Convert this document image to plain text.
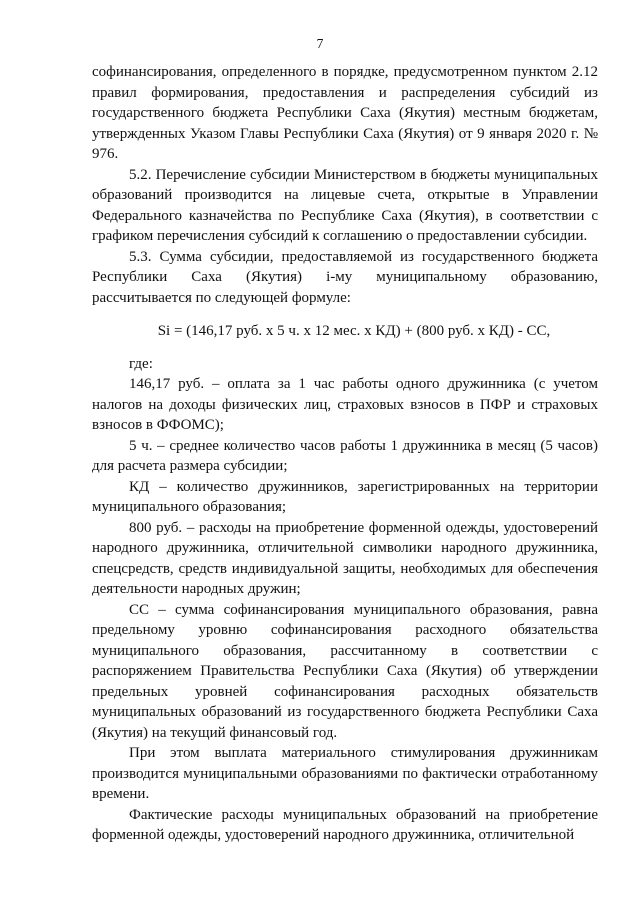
7

софинансирования, определенного в порядке, предусмотренном пунктом 2.12 правил формирования, предоставления и распределения субсидий из государственного бюджета Республики Саха (Якутия) местным бюджетам, утвержденных Указом Главы Республики Саха (Якутия) от 9 января 2020 г. № 976.

5.2. Перечисление субсидии Министерством в бюджеты муниципальных образований производится на лицевые счета, открытые в Управлении Федерального казначейства по Республике Саха (Якутия), в соответствии с графиком перечисления субсидий к соглашению о предоставлении субсидии.

5.3. Сумма субсидии, предоставляемой из государственного бюджета Республики Саха (Якутия) i-му муниципальному образованию, рассчитывается по следующей формуле:

Si = (146,17 руб. х 5 ч. х 12 мес. х КД) + (800 руб. х КД) - СС,

где:

146,17 руб. – оплата за 1 час работы одного дружинника (с учетом налогов на доходы физических лиц, страховых взносов в ПФР и страховых взносов в ФФОМС);

5 ч. – среднее количество часов работы 1 дружинника в месяц (5 часов) для расчета размера субсидии;

КД – количество дружинников, зарегистрированных на территории муниципального образования;

800 руб. – расходы на приобретение форменной одежды, удостоверений народного дружинника, отличительной символики народного дружинника, спецсредств, средств индивидуальной защиты, необходимых для обеспечения деятельности народных дружин;

СС – сумма софинансирования муниципального образования, равна предельному уровню софинансирования расходного обязательства муниципального образования, рассчитанному в соответствии с распоряжением Правительства Республики Саха (Якутия) об утверждении предельных уровней софинансирования расходных обязательств муниципальных образований из государственного бюджета Республики Саха (Якутия) на текущий финансовый год.

При этом выплата материального стимулирования дружинникам производится муниципальными образованиями по фактически отработанному времени.

Фактические расходы муниципальных образований на приобретение форменной одежды, удостоверений народного дружинника, отличительной
